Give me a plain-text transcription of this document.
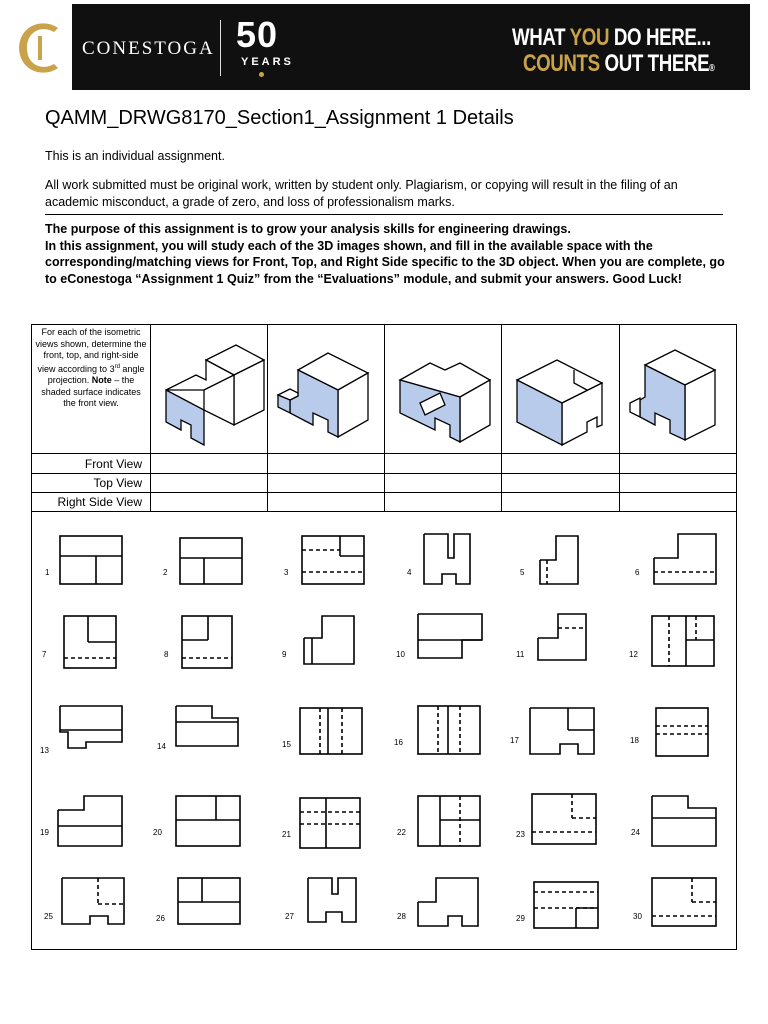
CONESTOGA 50
YEARS
WHAT YOU DO HERE...
COUNTS OUT THERE®
QAMM_DRWG8170_Section1_Assignment 1 Details
This is an individual assignment.
All work submitted must be original work, written by student only. Plagiarism, or copying will result in the filing of an academic misconduct, a grade of zero, and loss of professionalism marks.
The purpose of this assignment is to grow your analysis skills for engineering drawings.
In this assignment, you will study each of the 3D images shown, and fill in the available space with the corresponding/matching views for Front, Top, and Right Side specific to the 3D object. When you are complete, go to eConestoga “Assignment 1 Quiz” from the “Evaluations” module, and submit your answers. Good Luck!
For each of the isometric views shown, determine the front, top, and right-side view according to 3rd angle projection. Note – the shaded surface indicates the front view.
Front View
Top View
Right Side View
1	2	3	4	5	6
7	8	9	10	11	12
13	14	15	16	17	18
19	20	21	22	23	24
25	26	27	28	29	30
